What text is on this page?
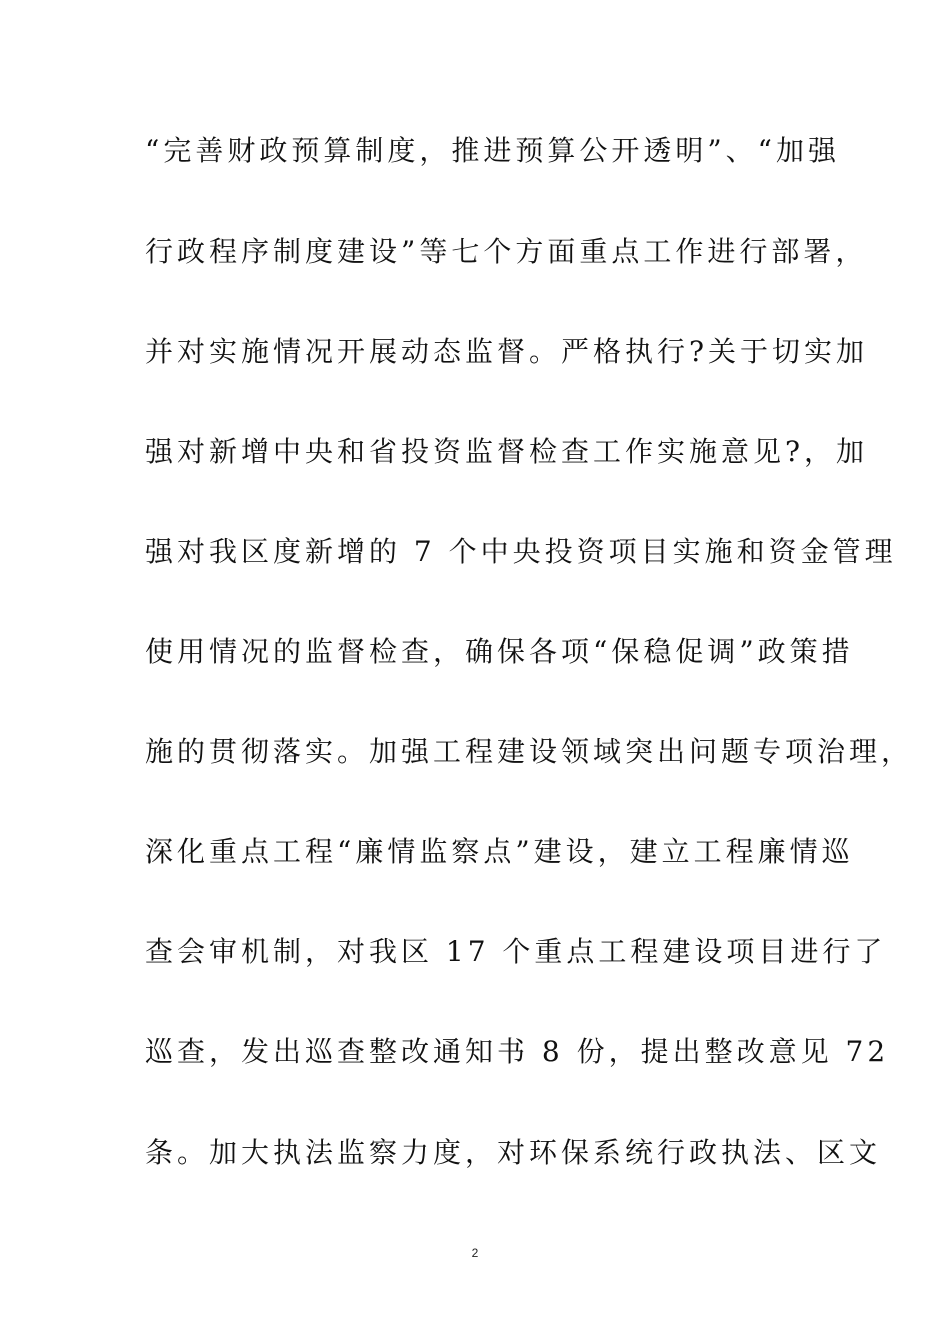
“完善财政预算制度，推进预算公开透明”、“加强
行政程序制度建设”等七个方面重点工作进行部署，
并对实施情况开展动态监督。严格执行?关于切实加
强对新增中央和省投资监督检查工作实施意见?，加
强对我区度新增的 7 个中央投资项目实施和资金管理
使用情况的监督检查，确保各项“保稳促调”政策措
施的贯彻落实。加强工程建设领域突出问题专项治理，
深化重点工程“廉情监察点”建设，建立工程廉情巡
查会审机制，对我区 17 个重点工程建设项目进行了
巡查，发出巡查整改通知书 8 份，提出整改意见 72
条。加大执法监察力度，对环保系统行政执法、区文
2
